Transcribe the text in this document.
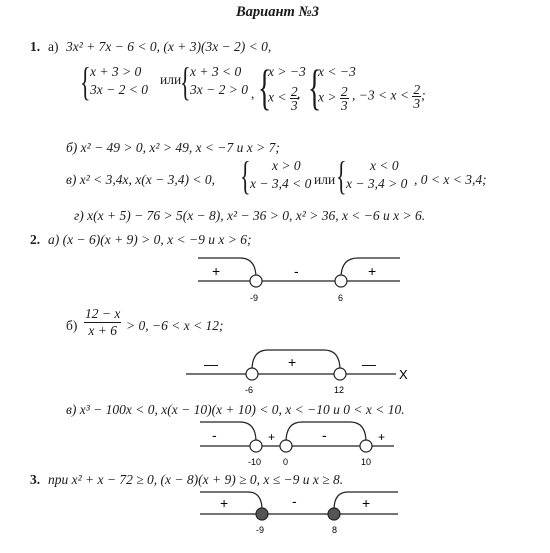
Вариант №3
1. а) 3x² + 7x − 6 < 0, (x + 3)(3x − 2) < 0,
{ x + 3 > 0
3x − 2 < 0
или
{ x + 3 < 0
3x − 2 > 0 , {
x > −3
$x < \frac{2}{3}$
, {
x < −3
$x > \frac{2}{3}$ , $-3 < x < \frac{2}{3}$ ;
б) x² − 49 > 0, x² > 49, x < −7 и x > 7;
в) x² < 3,4x, x(x − 3,4) < 0, { x > 0
x − 3,4 < 0 или { x < 0
x − 3,4 > 0 , 0 < x < 3,4;
г) x(x + 5) − 76 > 5(x − 8), x² − 36 > 0, x² > 36, x < −6 и x > 6.
2. а) (x − 6)(x + 9) > 0, x < −9 и x > 6;
+	-	+
-9	6
—	+	—
X
-6	12
-	+	-	+
-10 0	10
+	-	+
-9	8
$б) \frac{12 - x}{x + 6} > 0$, −6 < x < 12;
в) x³ − 100x < 0, x(x − 10)(x + 10) < 0, x < −10 и 0 < x < 10.
3. при x² + x − 72 ≥ 0, (x − 8)(x + 9) ≥ 0, x ≤ −9 и x ≥ 8.
